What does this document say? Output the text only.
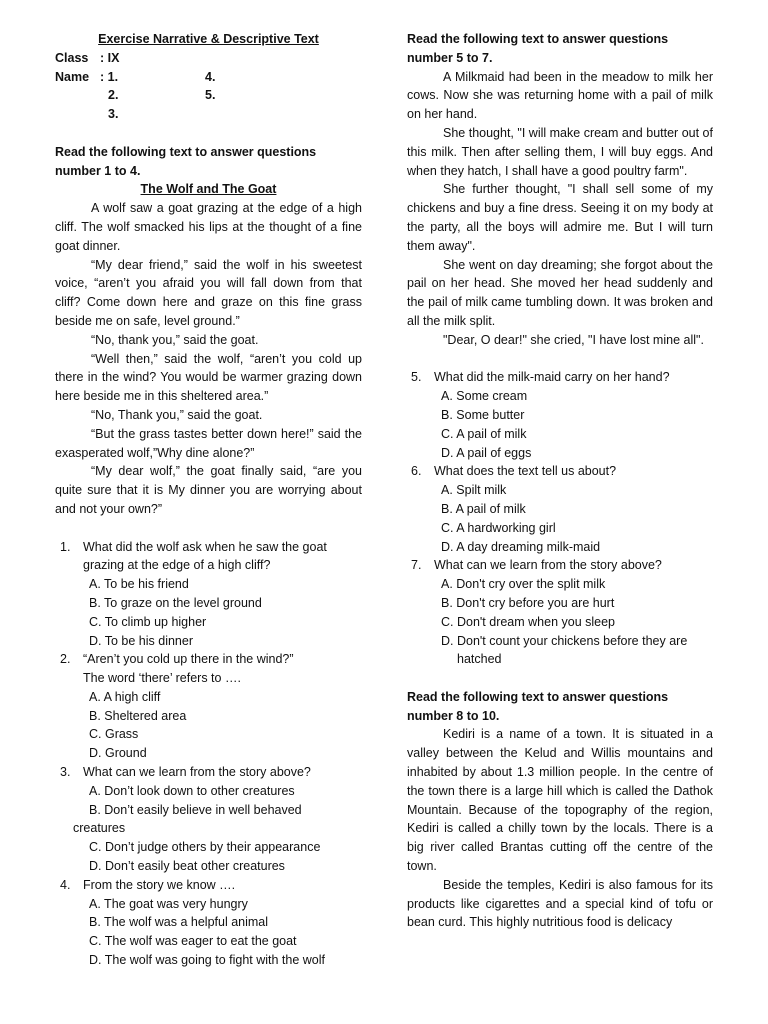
Exercise Narrative & Descriptive Text

Class : IX
Name : 1.	4.
2.	5.
3.

Read the following text to answer questions

number 1 to 4.

The Wolf and The Goat

A wolf saw a goat grazing at the edge of a high cliff. The wolf smacked his lips at the thought of a fine goat dinner.

“My dear friend,” said the wolf in his sweetest voice, “aren’t you afraid you will fall down from that cliff? Come down here and graze on this fine grass beside me on safe, level ground.”

“No, thank you,” said the goat.

“Well then,” said the wolf, “aren’t you cold up there in the wind? You would be warmer grazing down here beside me in this sheltered area.”

“No, Thank you,” said the goat.

“But the grass tastes better down here!” said the exasperated wolf,”Why dine alone?”

“My dear wolf,” the goat finally said, “are you quite sure that it is My dinner you are worrying about and not your own?”

1.	What did the wolf ask when he saw the goat
grazing at the edge of a high cliff?
A. To be his friend
B. To graze on the level ground
C. To climb up higher
D. To be his dinner
2.	“Aren’t you cold up there in the wind?”
The word ‘there’ refers to ….
A. A high cliff
B. Sheltered area
C. Grass
D. Ground
3.	What can we learn from the story above?
A. Don’t look down to other creatures
B. Don’t easily believe in well behaved
creatures
C. Don’t judge others by their appearance
D. Don’t easily beat other creatures
4.	From the story we know ….
A. The goat was very hungry
B. The wolf was a helpful animal
C. The wolf was eager to eat the goat
D. The wolf was going to fight with the wolf

Read the following text to answer questions

number 5 to 7.

A Milkmaid had been in the meadow to milk her cows. Now she was returning home with a pail of milk on her hand.

She thought, "I will make cream and butter out of this milk. Then after selling them, I will buy eggs. And when they hatch, I shall have a good poultry farm".

She further thought, "I shall sell some of my chickens and buy a fine dress. Seeing it on my body at the party, all the boys will admire me. But I will turn them away".

She went on day dreaming; she forgot about the pail on her head. She moved her head suddenly and the pail of milk came tumbling down. It was broken and all the milk split.

"Dear, O dear!" she cried, "I have lost mine all".

5.	What did the milk-maid carry on her hand?
A. Some cream
B. Some butter
C. A pail of milk
D. A pail of eggs
6.	What does the text tell us about?
A. Spilt milk
B. A pail of milk
C. A hardworking girl
D. A day dreaming milk-maid
7.	What can we learn from the story above?
A. Don't cry over the split milk
B. Don't cry before you are hurt
C. Don't dream when you sleep
D. Don't count your chickens before they are
hatched

Read the following text to answer questions

number 8 to 10.

Kediri is a name of a town. It is situated in a valley between the Kelud and Willis mountains and inhabited by about 1.3 million people. In the centre of the town there is a large hill which is called the Dathok Mountain. Because of the topography of the region, Kediri is called a chilly town by the locals. There is a big river called Brantas cutting off the centre of the town.

Beside the temples, Kediri is also famous for its products like cigarettes and a special kind of tofu or bean curd. This highly nutritious food is delicacy
